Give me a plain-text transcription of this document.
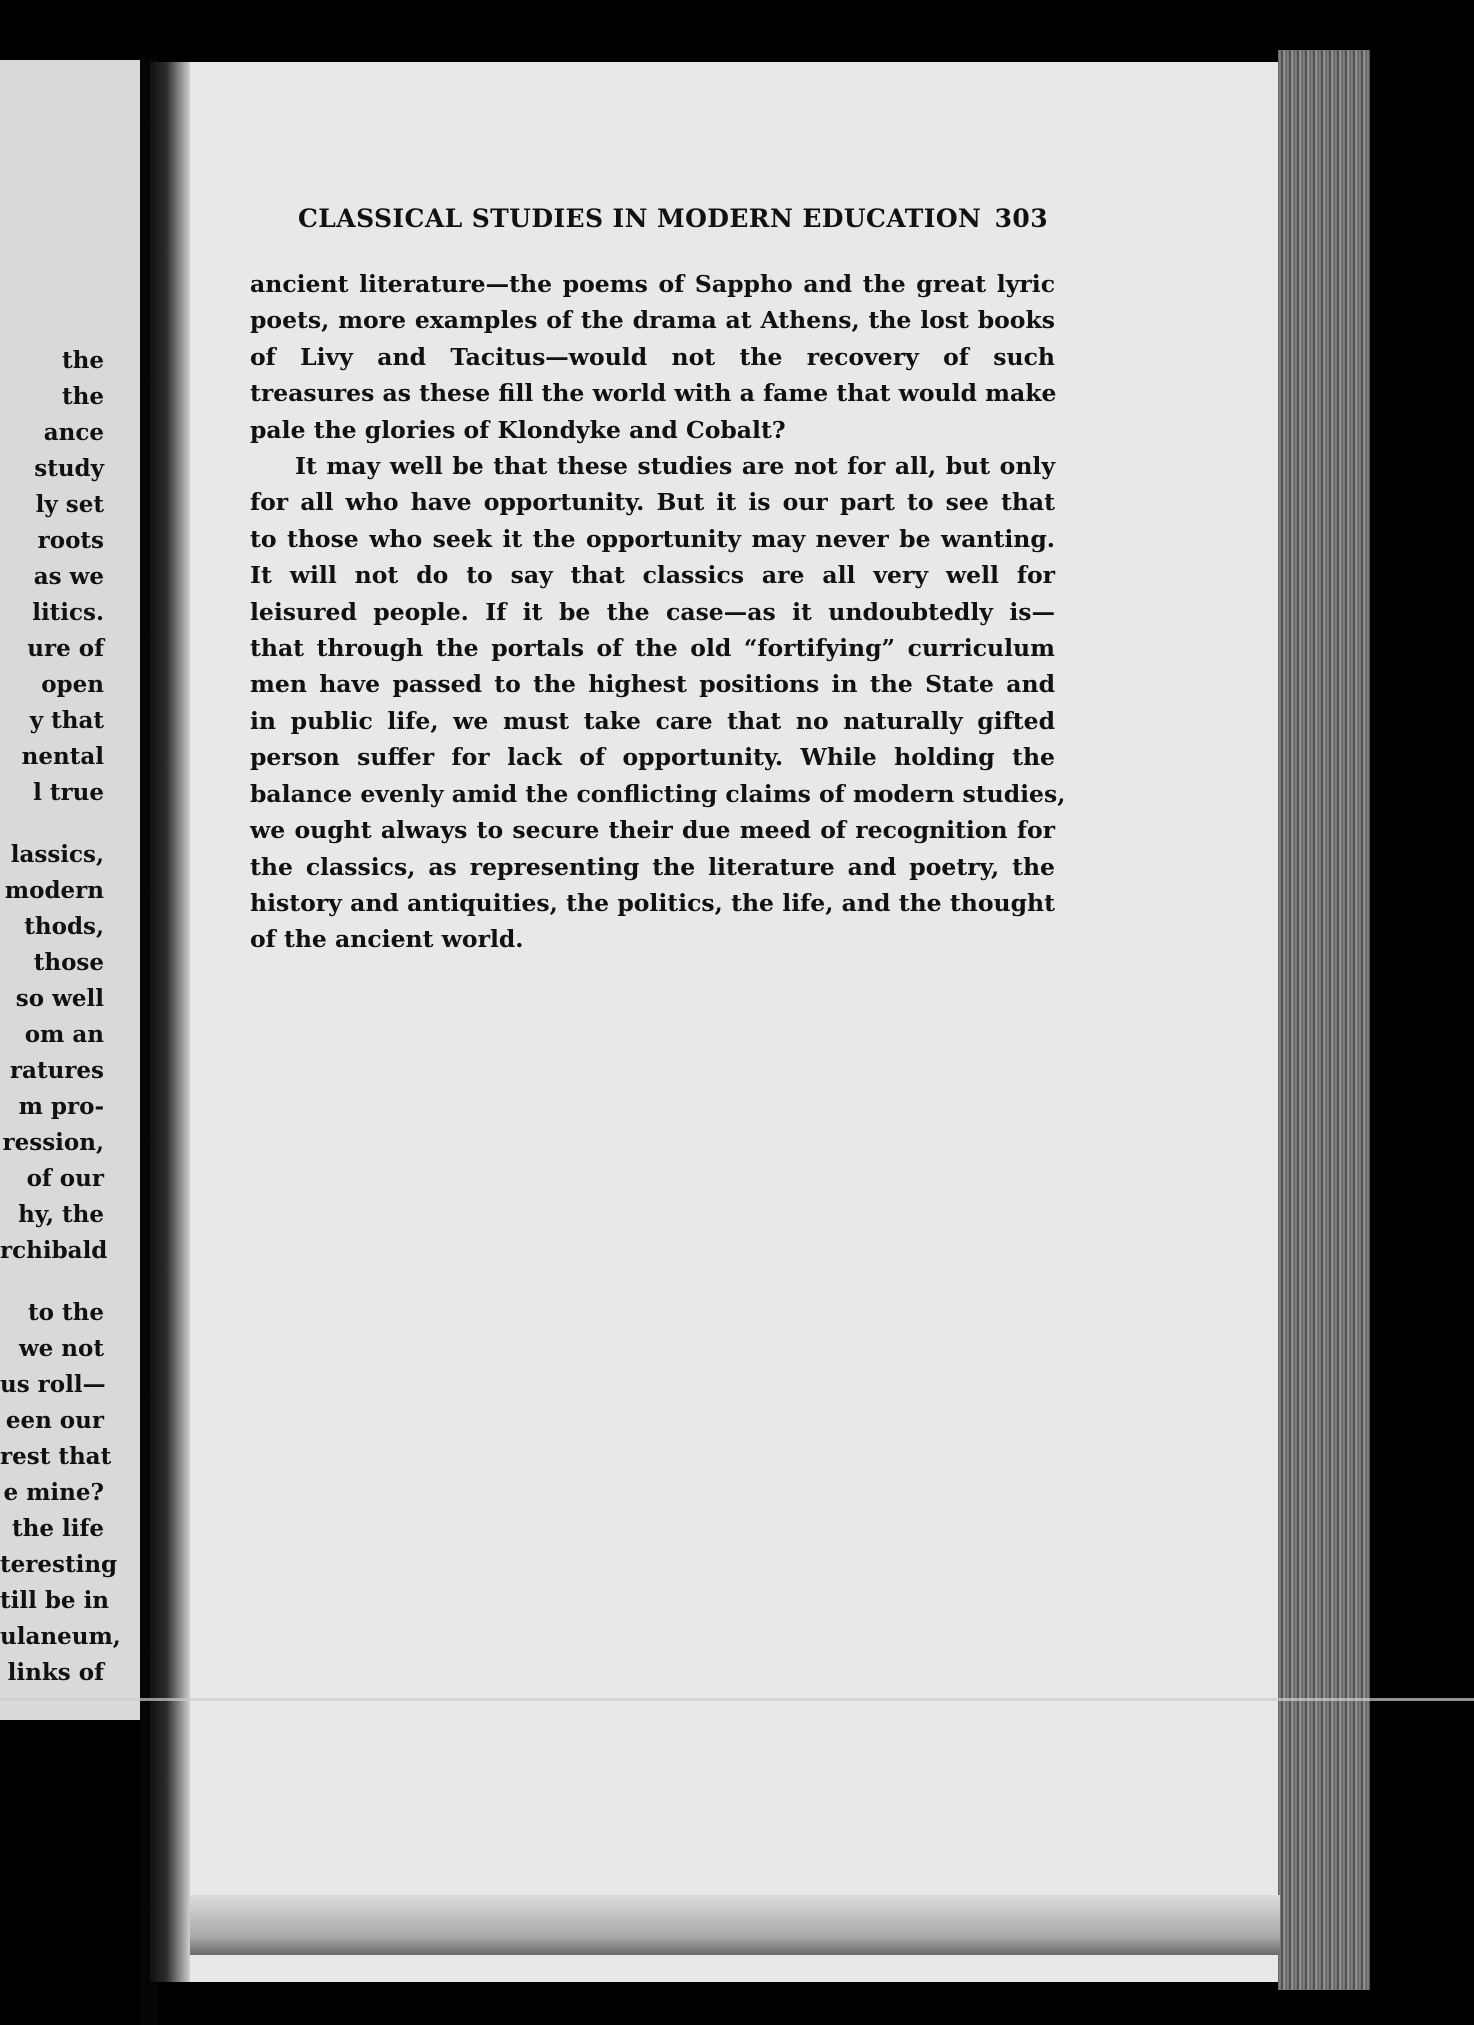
the
the
ance
study
ly set
roots
as we
litics.
ure of
open
y that
nental
l true
lassics,
modern
thods,
those
so well
om an
ratures
m pro-
ression,
of our
hy, the
rchibald
to the
we not
us roll—
een our
rest that
e mine?
the life
teresting
till be in
ulaneum,
links of
CLASSICAL STUDIES IN MODERN EDUCATION 303

ancient literature—the poems of Sappho and the great lyric
poets, more examples of the drama at Athens, the lost books
of Livy and Tacitus—would not the recovery of such
treasures as these fill the world with a fame that would make
pale the glories of Klondyke and Cobalt?

It may well be that these studies are not for all, but only
for all who have opportunity. But it is our part to see that
to those who seek it the opportunity may never be wanting.
It will not do to say that classics are all very well for
leisured people. If it be the case—as it undoubtedly is—
that through the portals of the old “fortifying” curriculum
men have passed to the highest positions in the State and
in public life, we must take care that no naturally gifted
person suffer for lack of opportunity. While holding the
balance evenly amid the conflicting claims of modern studies,
we ought always to secure their due meed of recognition for
the classics, as representing the literature and poetry, the
history and antiquities, the politics, the life, and the thought
of the ancient world.
